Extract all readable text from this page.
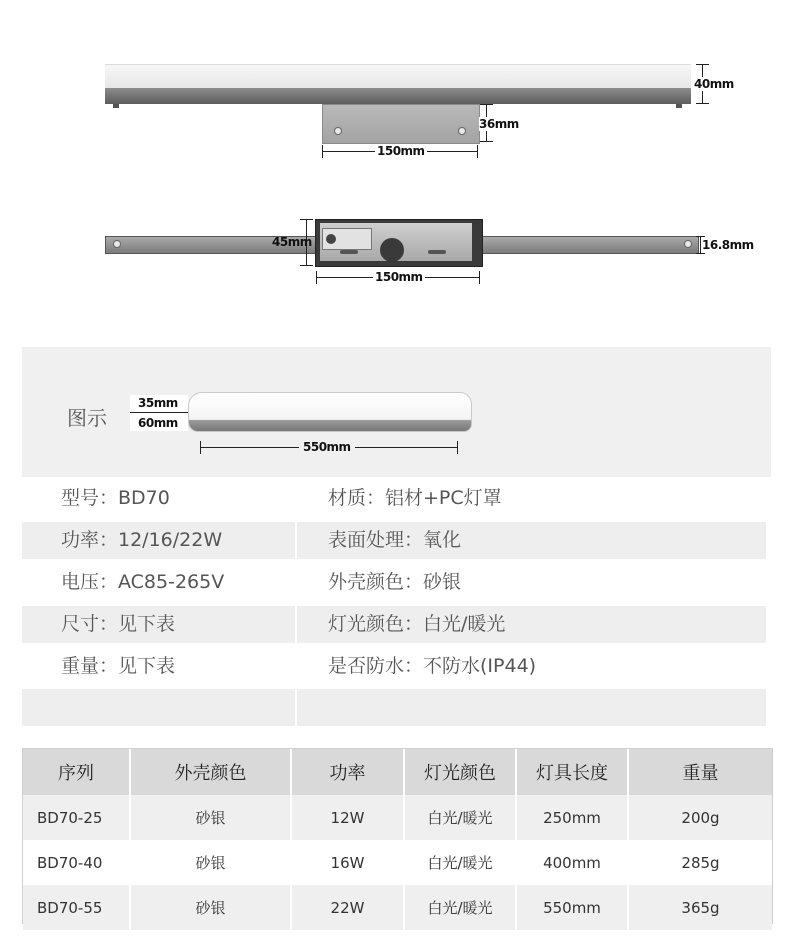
40mm
36mm
150mm
45mm	16.8mm
150mm
图示
35mm
60mm
550mm
型号：BD70	材质：铝材+PC灯罩
功率：12/16/22W	表面处理：氧化
电压：AC85-265V	外壳颜色：砂银
尺寸：见下表	灯光颜色：白光/暖光
重量：见下表	是否防水：不防水(IP44)
序列	外壳颜色	功率	灯光颜色	灯具长度	重量
BD70-25	砂银	12W	白光/暖光	250mm	200g
BD70-40	砂银	16W	白光/暖光	400mm	285g
BD70-55	砂银	22W	白光/暖光	550mm	365g
